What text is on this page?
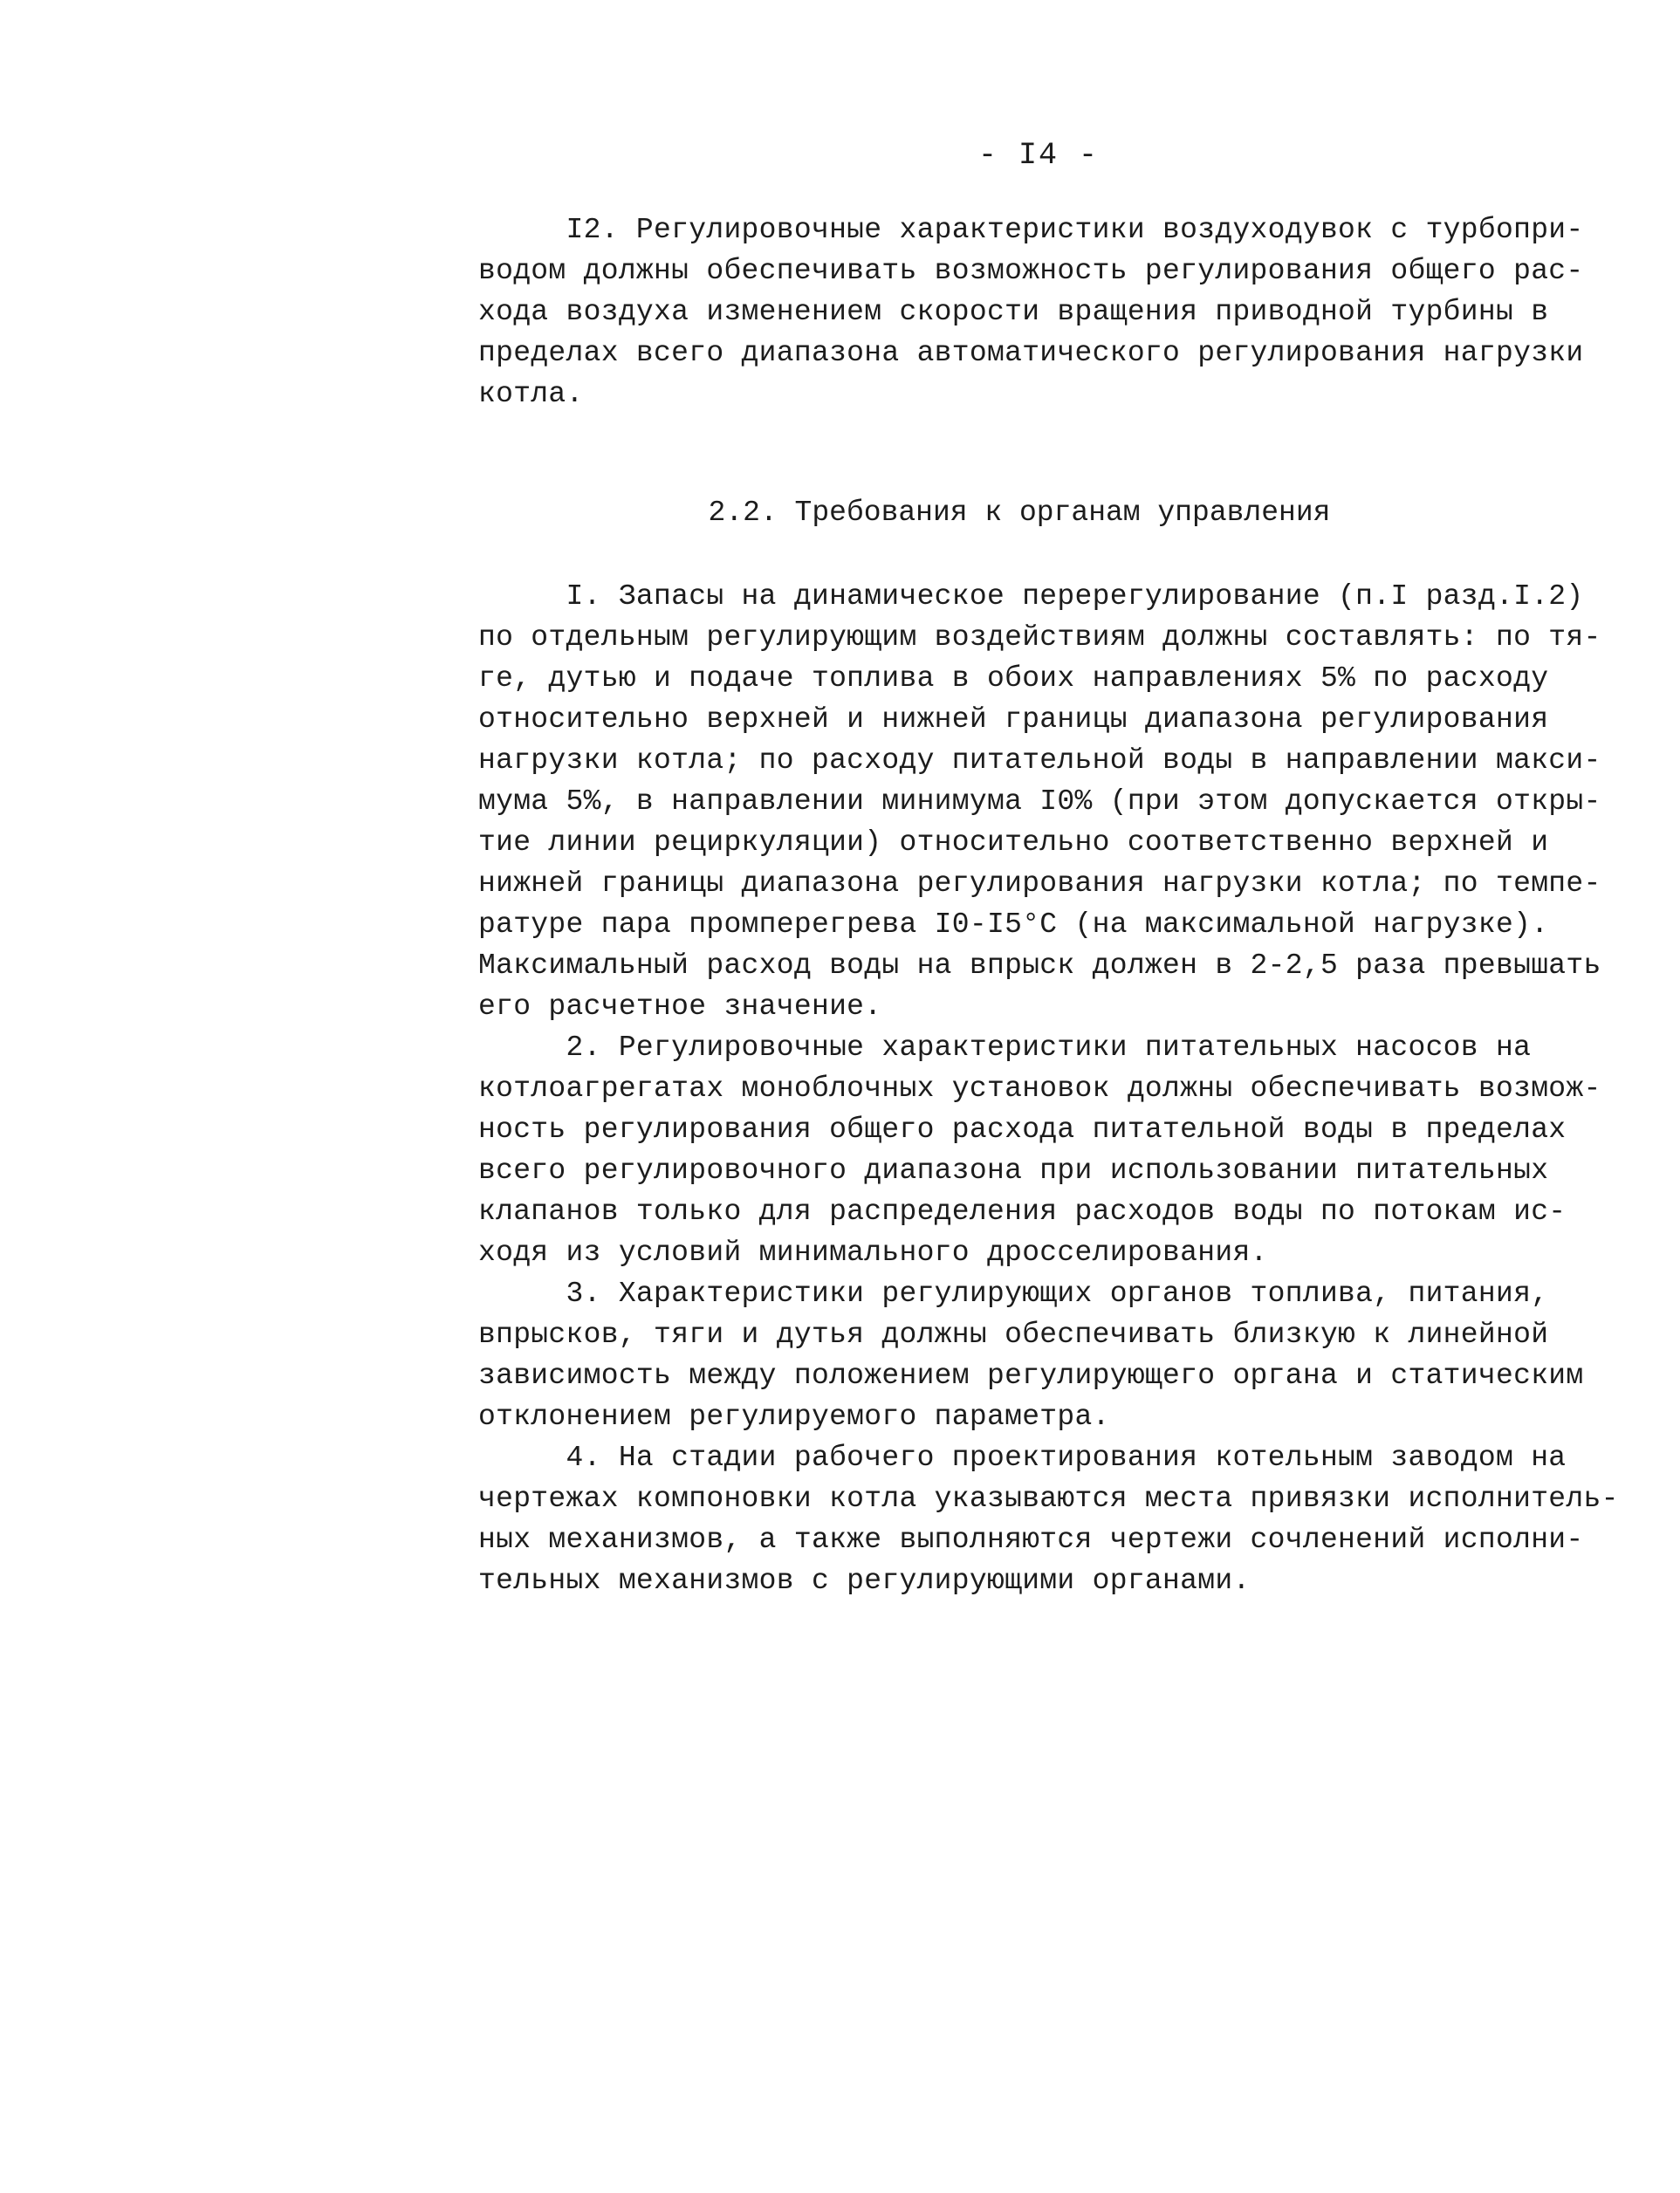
- I4 -
I2. Регулировочные характеристики воздуходувок с турбопри-
водом должны обеспечивать возможность регулирования общего рас-
хода воздуха изменением скорости вращения приводной турбины в
пределах всего диапазона автоматического регулирования нагрузки
котла.
2.2. Требования к органам управления
I. Запасы на динамическое перерегулирование (п.I разд.I.2)
по отдельным регулирующим воздействиям должны составлять: по тя-
ге, дутью и подаче топлива в обоих направлениях 5% по расходу
относительно верхней и нижней границы диапазона регулирования
нагрузки котла; по расходу питательной воды в направлении макси-
мума 5%, в направлении минимума I0% (при этом допускается откры-
тие линии рециркуляции) относительно соответственно верхней и
нижней границы диапазона регулирования нагрузки котла; по темпе-
ратуре пара промперегрева I0-I5°С (на максимальной нагрузке).
Максимальный расход воды на впрыск должен в 2-2,5 раза превышать
его расчетное значение.
2. Регулировочные характеристики питательных насосов на
котлоагрегатах моноблочных установок должны обеспечивать возмож-
ность регулирования общего расхода питательной воды в пределах
всего регулировочного диапазона при использовании питательных
клапанов только для распределения расходов воды по потокам ис-
ходя из условий минимального дросселирования.
3. Характеристики регулирующих органов топлива, питания,
впрысков, тяги и дутья должны обеспечивать близкую к линейной
зависимость между положением регулирующего органа и статическим
отклонением регулируемого параметра.
4. На стадии рабочего проектирования котельным заводом на
чертежах компоновки котла указываются места привязки исполнитель-
ных механизмов, а также выполняются чертежи сочленений исполни-
тельных механизмов с регулирующими органами.
